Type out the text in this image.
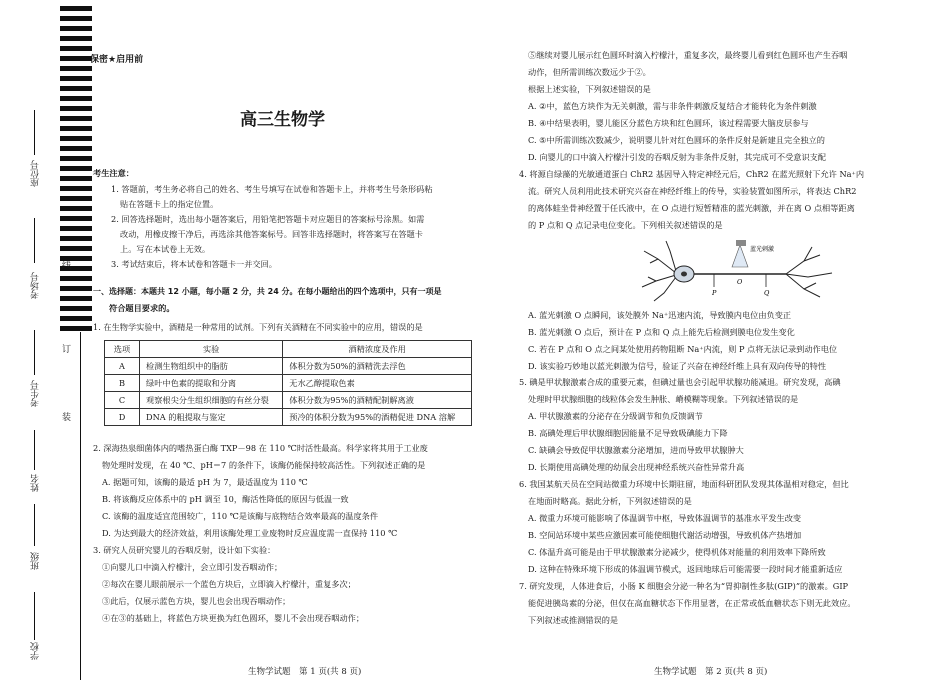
座位号
考场号
考生号
姓名
班级
学校
线
订
装
保密★启用前
高三生物学
考生注意：
1. 答题前，考生务必将自己的姓名、考生号填写在试卷和答题卡上，并将考生号条形码粘
贴在答题卡上的指定位置。
2. 回答选择题时，选出每小题答案后，用铅笔把答题卡对应题目的答案标号涂黑。如需
改动，用橡皮擦干净后，再选涂其他答案标号。回答非选择题时，将答案写在答题卡
上。写在本试卷上无效。
3. 考试结束后，将本试卷和答题卡一并交回。
一、选择题：本题共 12 小题，每小题 2 分，共 24 分。在每小题给出的四个选项中，只有一项是
符合题目要求的。
1. 在生物学实验中，酒精是一种常用的试剂。下列有关酒精在不同实验中的应用，错误的是
选项	实验	酒精浓度及作用
A	检测生物组织中的脂肪	体积分数为50%的酒精洗去浮色
B	绿叶中色素的提取和分离	无水乙醇提取色素
C	观察根尖分生组织细胞的有丝分裂	体积分数为95%的酒精配制解离液
D	DNA 的粗提取与鉴定	预冷的体积分数为95%的酒精促进 DNA 溶解
2. 深海热泉细菌体内的嗜热蛋白酶 TXP－98 在 110 ℃时活性最高。科学家将其用于工业废
物处理时发现，在 40 ℃、pH＝7 的条件下，该酶仍能保持较高活性。下列叙述正确的是
A. 据题可知，该酶的最适 pH 为 7，最适温度为 110 ℃
B. 将该酶反应体系中的 pH 调至 10，酶活性降低的原因与低温一致
C. 该酶的温度适宜范围较广，110 ℃是该酶与底物结合效率最高的温度条件
D. 为达到最大的经济效益，利用该酶处理工业废物时反应温度需一直保持 110 ℃
3. 研究人员研究婴儿的吞咽反射，设计如下实验：
①向婴儿口中滴入柠檬汁，会立即引发吞咽动作；
②每次在婴儿眼前展示一个蓝色方块后，立即滴入柠檬汁，重复多次；
③此后，仅展示蓝色方块，婴儿也会出现吞咽动作；
④在③的基础上，将蓝色方块更换为红色圆环，婴儿不会出现吞咽动作；
生物学试题　第 1 页(共 8 页)
⑤继续对婴儿展示红色圆环时滴入柠檬汁，重复多次，最终婴儿看到红色圆环也产生吞咽
动作，但所需训练次数远少于②。
根据上述实验，下列叙述错误的是
A. ②中，蓝色方块作为无关刺激，需与非条件刺激反复结合才能转化为条件刺激
B. ④中结果表明，婴儿能区分蓝色方块和红色圆环，该过程需要大脑皮层参与
C. ⑤中所需训练次数减少，说明婴儿针对红色圆环的条件反射是新建且完全独立的
D. 向婴儿的口中滴入柠檬汁引发的吞咽反射为非条件反射，其完成可不受意识支配
4. 将源自绿藻的光敏通道蛋白 ChR2 基因导入特定神经元后，ChR2 在蓝光照射下允许 Na⁺内
流。研究人员利用此技术研究兴奋在神经纤维上的传导，实验装置如图所示，将表达 ChR2
的离体蛙坐骨神经置于任氏液中，在 O 点进行短暂精准的蓝光刺激，并在离 O 点相等距离
的 P 点和 Q 点记录电位变化。下列相关叙述错误的是
蓝光刺激
P
O
Q
A. 蓝光刺激 O 点瞬间，该处膜外 Na⁺迅速内流，导致膜内电位由负变正
B. 蓝光刺激 O 点后，预计在 P 点和 Q 点上能先后检测到膜电位发生变化
C. 若在 P 点和 O 点之间某处使用药物阻断 Na⁺内流，则 P 点将无法记录到动作电位
D. 该实验巧妙地以蓝光刺激为信号，验证了兴奋在神经纤维上具有双向传导的特性
5. 碘是甲状腺激素合成的重要元素，但碘过量也会引起甲状腺功能减退。研究发现，高碘
处理时甲状腺细胞的线粒体会发生肿胀、嵴模糊等现象。下列叙述错误的是
A. 甲状腺激素的分泌存在分级调节和负反馈调节
B. 高碘处理后甲状腺细胞因能量不足导致吸碘能力下降
C. 缺碘会导致促甲状腺激素分泌增加，进而导致甲状腺肿大
D. 长期使用高碘处理的幼鼠会出现神经系统兴奋性异常升高
6. 我国某航天员在空间站微重力环境中长期驻留，地面科研团队发现其体温相对稳定，但比
在地面时略高。据此分析，下列叙述错误的是
A. 微重力环境可能影响了体温调节中枢，导致体温调节的基准水平发生改变
B. 空间站环境中某些应激因素可能使细胞代谢活动增强，导致机体产热增加
C. 体温升高可能是由于甲状腺激素分泌减少，使得机体对能量的利用效率下降所致
D. 这种在特殊环境下形成的体温调节模式，返回地球后可能需要一段时间才能重新适应
7. 研究发现，人体进食后，小肠 K 细胞会分泌一种名为“胃抑制性多肽(GIP)”的激素。GIP
能促进胰岛素的分泌，但仅在高血糖状态下作用显著，在正常或低血糖状态下则无此效应。
下列叙述或推测错误的是
生物学试题　第 2 页(共 8 页)
